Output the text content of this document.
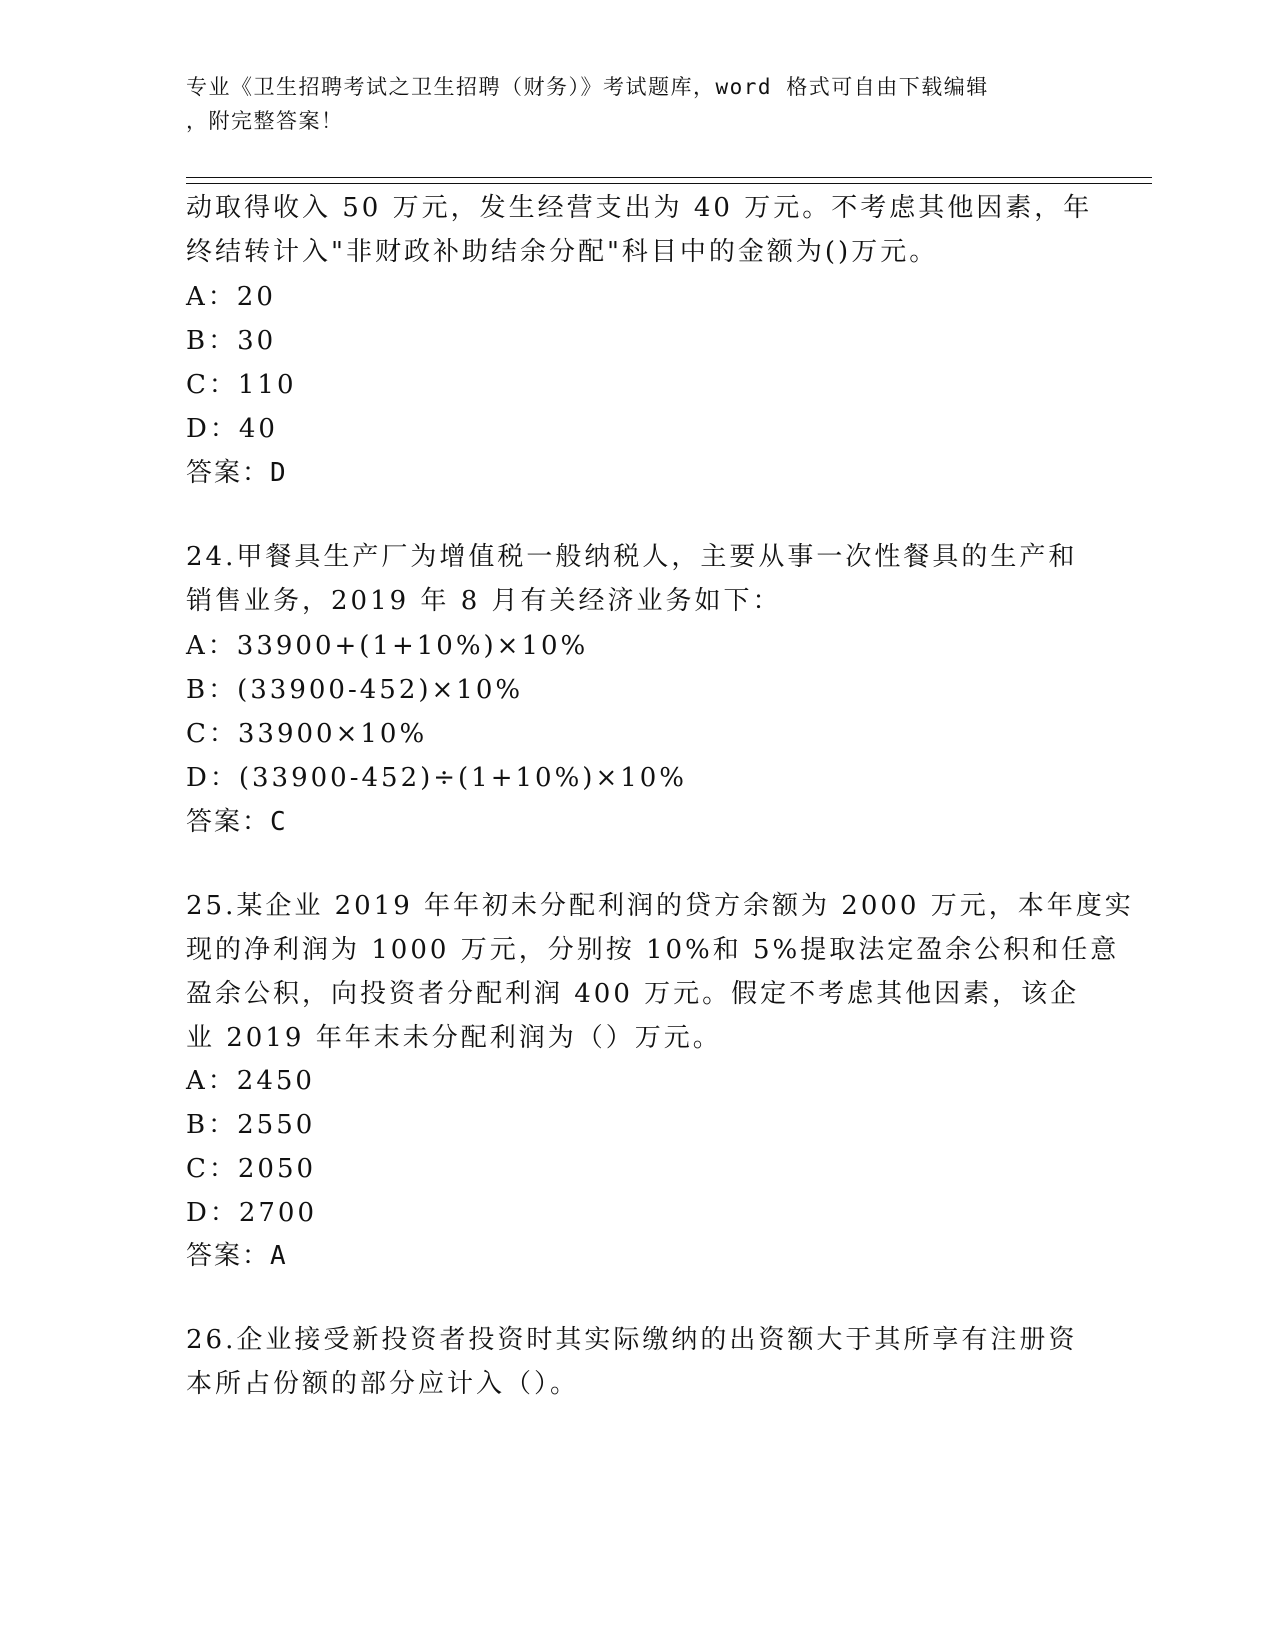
专业《卫生招聘考试之卫生招聘（财务）》考试题库，word 格式可自由下载编辑
，附完整答案！
动取得收入 50 万元，发生经营支出为 40 万元。不考虑其他因素，年
终结转计入"非财政补助结余分配"科目中的金额为()万元。
A：20
B：30
C：110
D：40
答案：D
24.甲餐具生产厂为增值税一般纳税人，主要从事一次性餐具的生产和
销售业务，2019 年 8 月有关经济业务如下：
A：33900+(1+10%)×10%
B：(33900-452)×10%
C：33900×10%
D：(33900-452)÷(1+10%)×10%
答案：C
25.某企业 2019 年年初未分配利润的贷方余额为 2000 万元，本年度实
现的净利润为 1000 万元，分别按 10%和 5%提取法定盈余公积和任意
盈余公积，向投资者分配利润 400 万元。假定不考虑其他因素，该企
业 2019 年年末未分配利润为（）万元。
A：2450
B：2550
C：2050
D：2700
答案：A
26.企业接受新投资者投资时其实际缴纳的出资额大于其所享有注册资
本所占份额的部分应计入（）。
